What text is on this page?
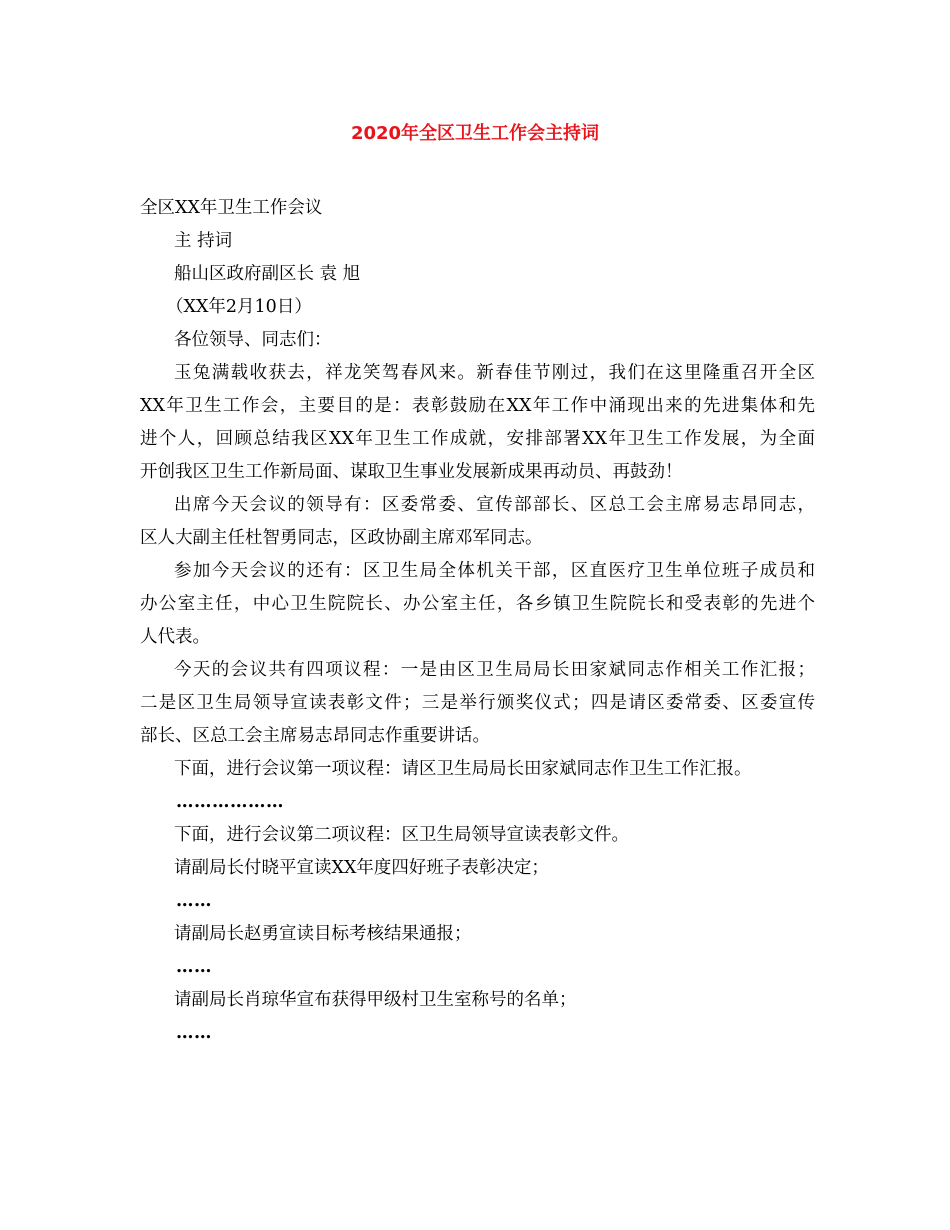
2020年全区卫生工作会主持词

全区XX年卫生工作会议

主 持词

船山区政府副区长 袁 旭

（XX年2月10日）

各位领导、同志们：

玉兔满载收获去，祥龙笑驾春风来。新春佳节刚过，我们在这里隆重召开全区
XX年卫生工作会，主要目的是：表彰鼓励在XX年工作中涌现出来的先进集体和先
进个人，回顾总结我区XX年卫生工作成就，安排部署XX年卫生工作发展，为全面
开创我区卫生工作新局面、谋取卫生事业发展新成果再动员、再鼓劲！
出席今天会议的领导有：区委常委、宣传部部长、区总工会主席易志昂同志，
区人大副主任杜智勇同志，区政协副主席邓军同志。
参加今天会议的还有：区卫生局全体机关干部，区直医疗卫生单位班子成员和
办公室主任，中心卫生院院长、办公室主任，各乡镇卫生院院长和受表彰的先进个
人代表。
今天的会议共有四项议程：一是由区卫生局局长田家斌同志作相关工作汇报；
二是区卫生局领导宣读表彰文件；三是举行颁奖仪式；四是请区委常委、区委宣传
部长、区总工会主席易志昂同志作重要讲话。

下面，进行会议第一项议程：请区卫生局局长田家斌同志作卫生工作汇报。

………………

下面，进行会议第二项议程：区卫生局领导宣读表彰文件。

请副局长付晓平宣读XX年度四好班子表彰决定；

……

请副局长赵勇宣读目标考核结果通报；

……

请副局长肖琼华宣布获得甲级村卫生室称号的名单；

……
